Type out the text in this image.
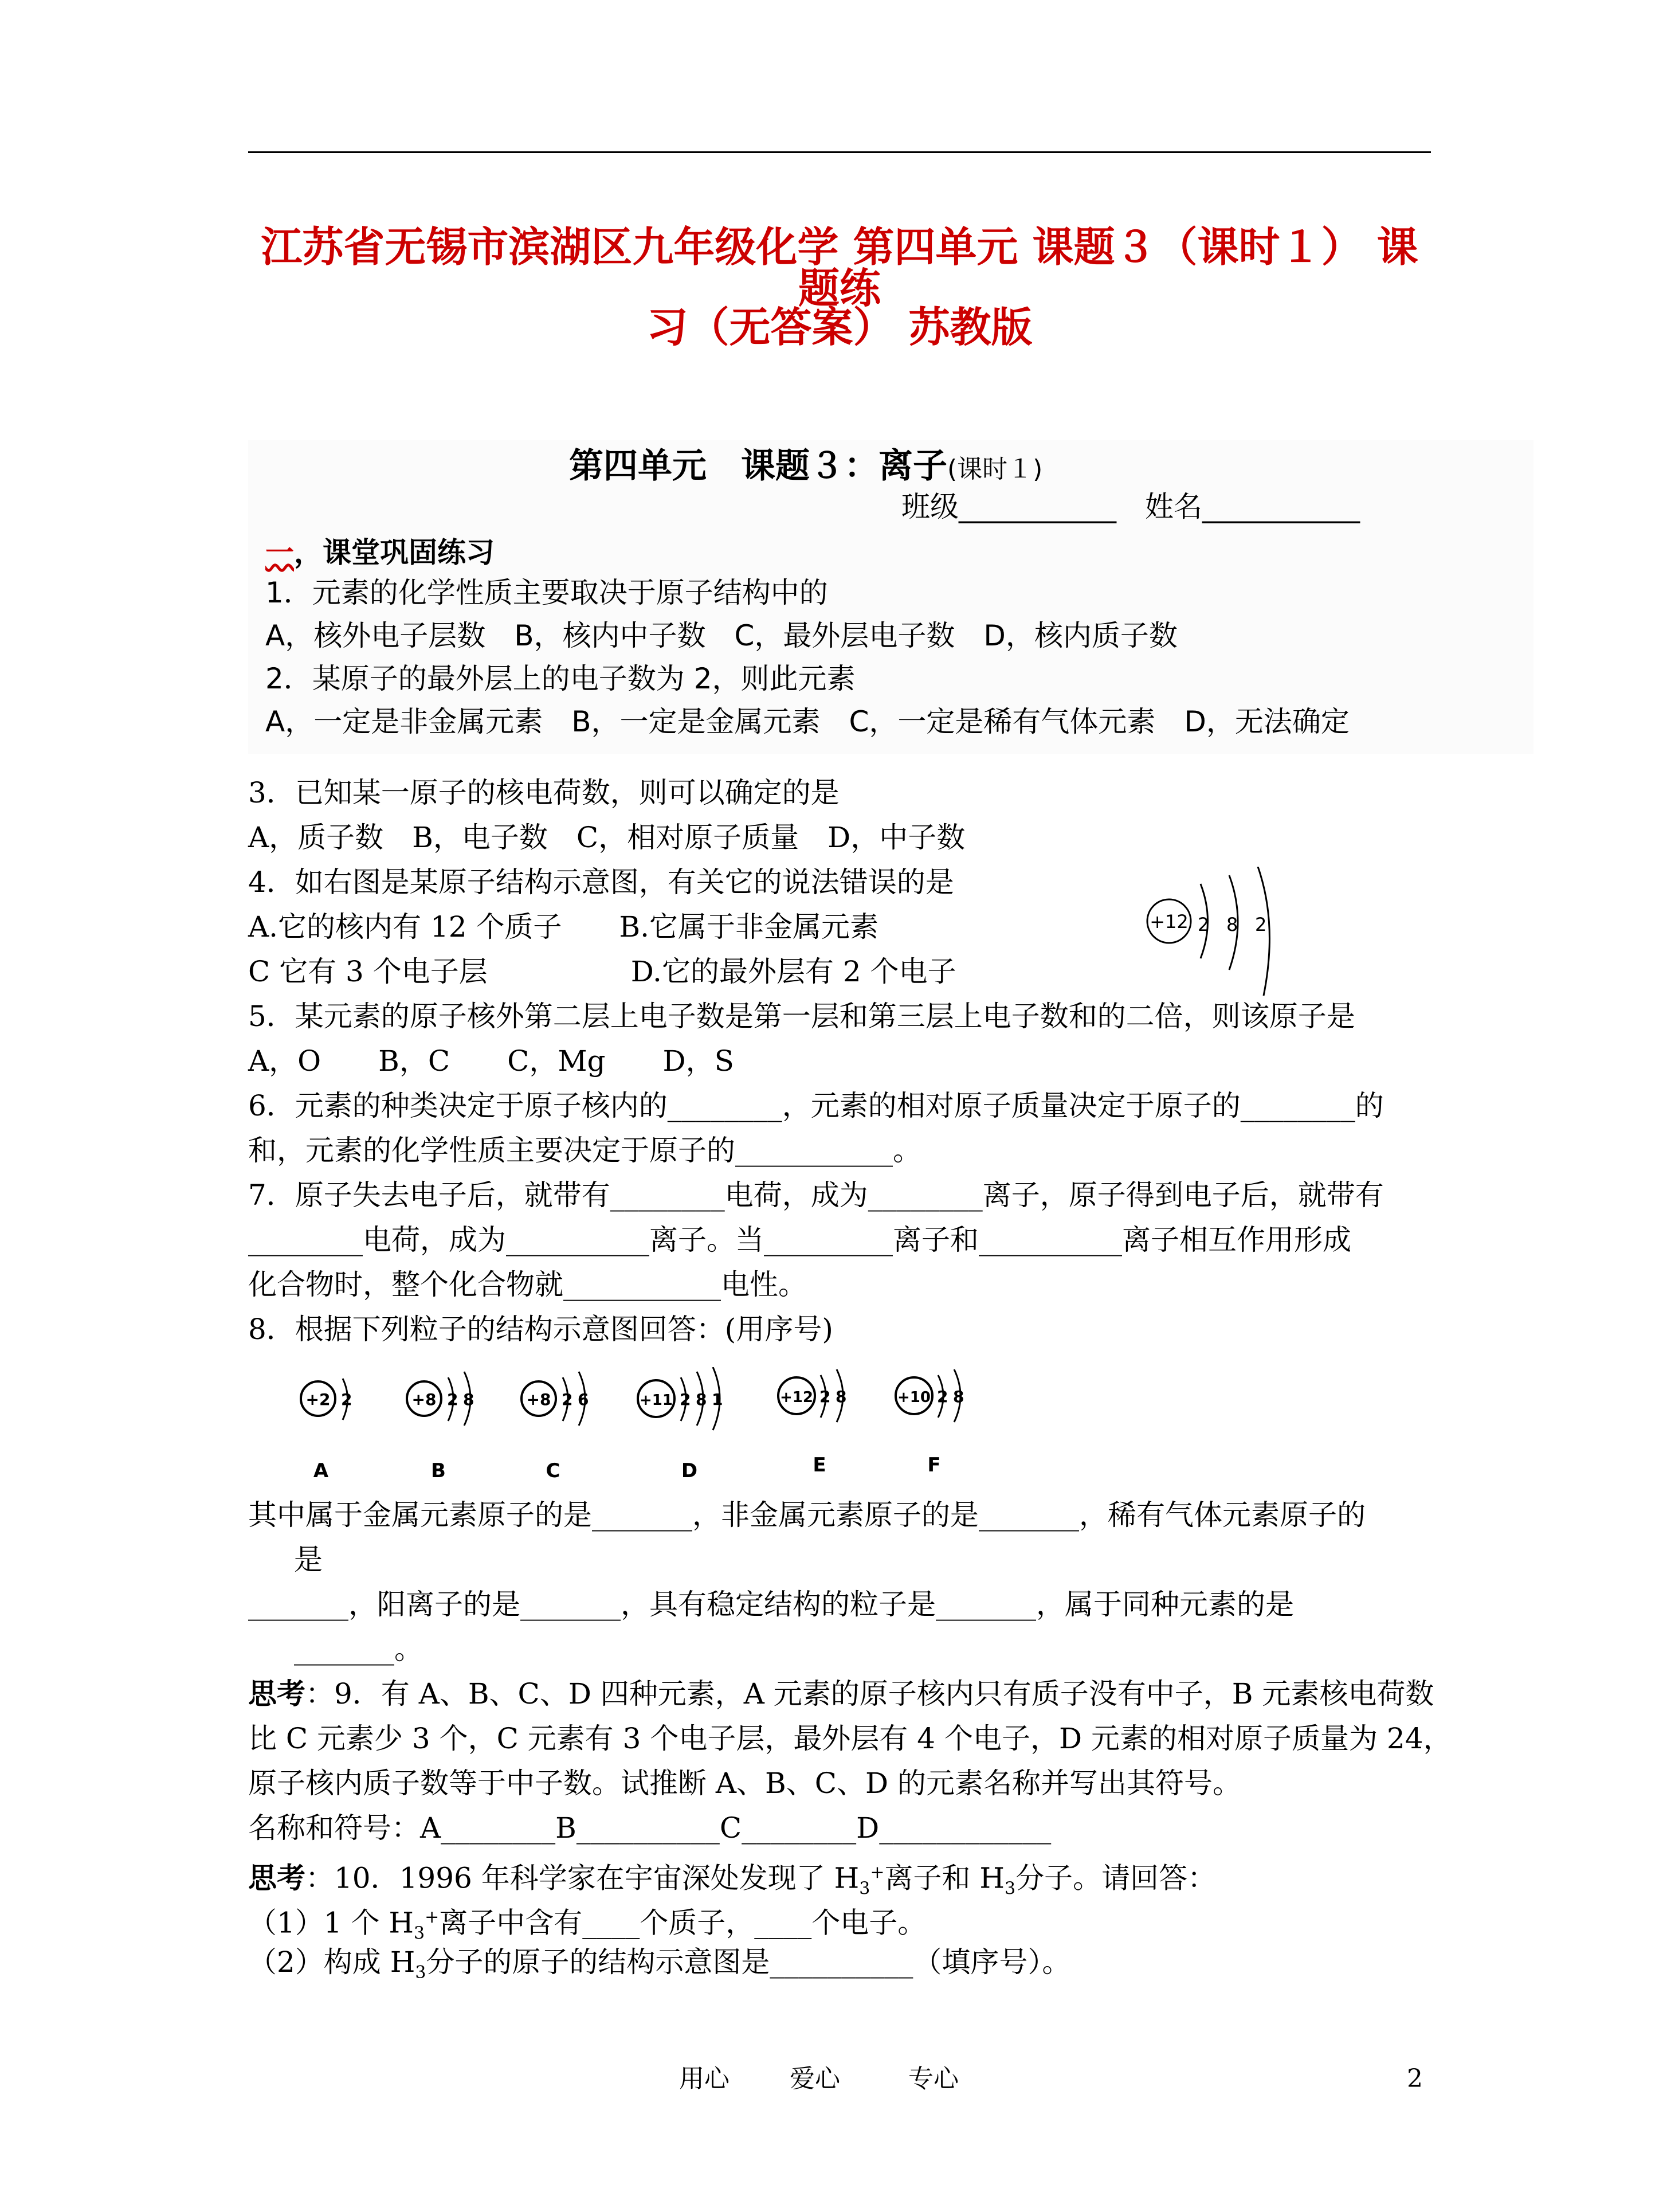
江苏省无锡市滨湖区九年级化学 第四单元 课题３（课时１） 课题练
习（无答案） 苏教版
第四单元　课题３：离子(课时１)
班级___________　姓名___________
一，课堂巩固练习
1．元素的化学性质主要取决于原子结构中的
A，核外电子层数　B，核内中子数　C，最外层电子数　D，核内质子数
2．某原子的最外层上的电子数为 2，则此元素
A，一定是非金属元素　B，一定是金属元素　C，一定是稀有气体元素　D，无法确定
3．已知某一原子的核电荷数，则可以确定的是
A，质子数　B，电子数　C，相对原子质量　D，中子数
4．如右图是某原子结构示意图，有关它的说法错误的是
A.它的核内有 12 个质子　　B.它属于非金属元素
C 它有 3 个电子层　　　　　D.它的最外层有 2 个电子
+12 2 8 2
5．某元素的原子核外第二层上电子数是第一层和第三层上电子数和的二倍，则该原子是
A，O　　B，C　　C，Mg　　D，S
6．元素的种类决定于原子核内的________，元素的相对原子质量决定于原子的________的
和，元素的化学性质主要决定于原子的___________。
7．原子失去电子后，就带有________电荷，成为________离子，原子得到电子后，就带有
________电荷，成为__________离子。当_________离子和__________离子相互作用形成
化合物时，整个化合物就___________电性。
8．根据下列粒子的结构示意图回答：(用序号)
+2 2
A
+8 2 8
B
+8 2 6
C
+11 2 8 1
D
+12 2 8
E
+10 2 8
F
其中属于金属元素原子的是_______，非金属元素原子的是_______，稀有气体元素原子的
是
_______，阳离子的是_______，具有稳定结构的粒子是_______，属于同种元素的是
_______。
思考：9．有 A、B、C、D 四种元素，A 元素的原子核内只有质子没有中子，B 元素核电荷数
比 C 元素少 3 个，C 元素有 3 个电子层，最外层有 4 个电子，D 元素的相对原子质量为 24，
原子核内质子数等于中子数。试推断 A、B、C、D 的元素名称并写出其符号。
名称和符号：A________B__________C________D____________
思考：10．1996 年科学家在宇宙深处发现了 $H_3^+$离子和 $H_3$分子。请回答：
（1）1 个 $H_3^+$离子中含有____个质子，____个电子。
（2）构成 $H_3$分子的原子的结构示意图是__________（填序号）。
用心 爱心	专心	2
